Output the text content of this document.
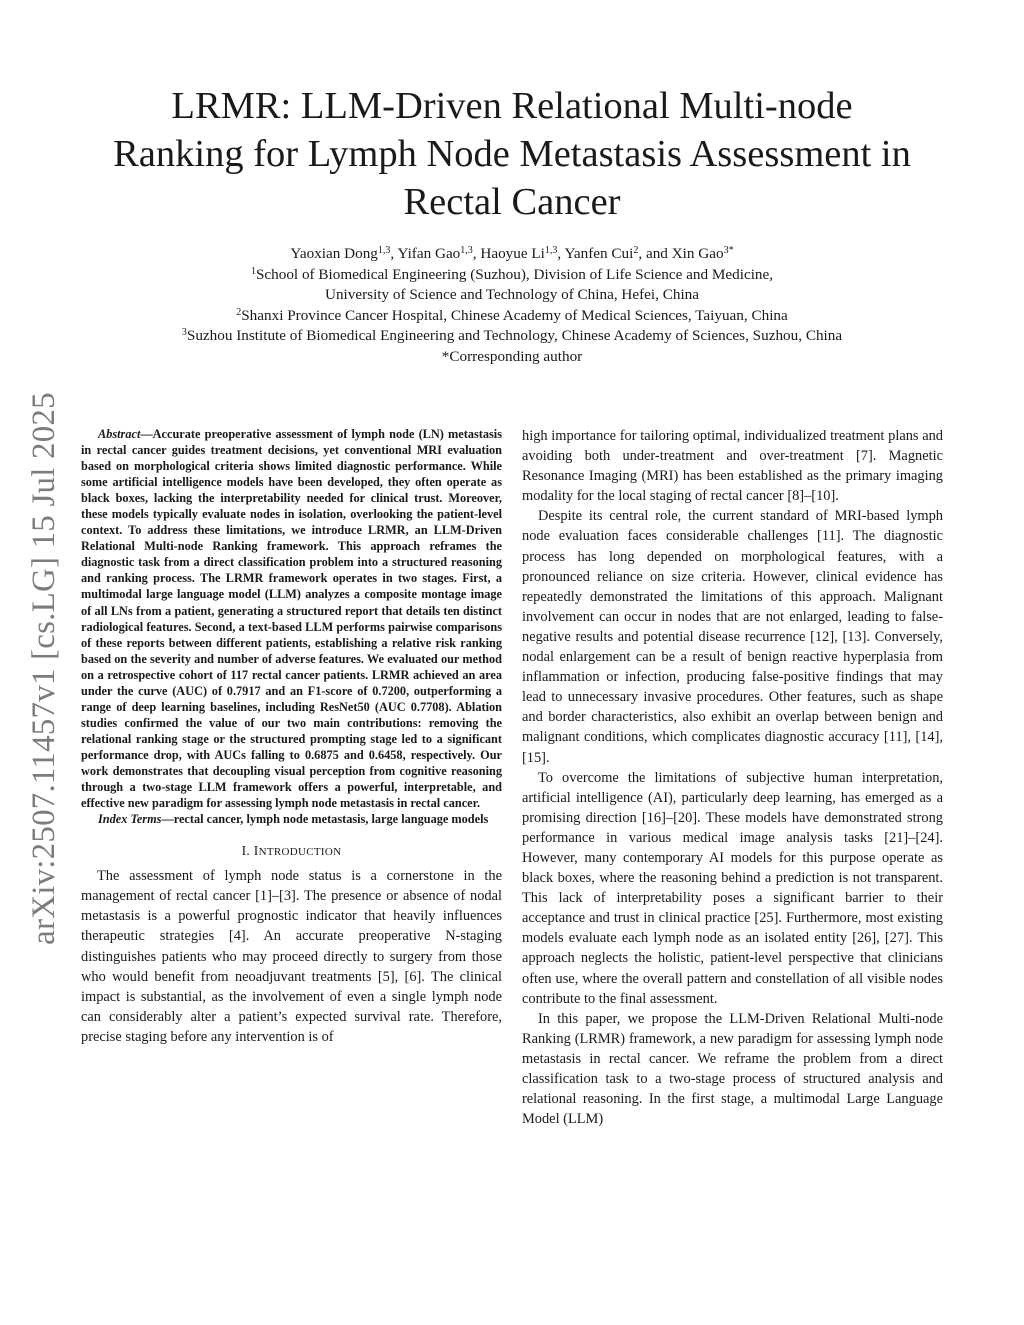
arXiv:2507.11457v1 [cs.LG] 15 Jul 2025
LRMR: LLM-Driven Relational Multi-node
Ranking for Lymph Node Metastasis Assessment in
Rectal Cancer
Yaoxian Dong$^{1,3}$, Yifan Gao$^{1,3}$, Haoyue Li$^{1,3}$, Yanfen Cui$^2$, and Xin Gao$^{3*}$
$^1$School of Biomedical Engineering (Suzhou), Division of Life Science and Medicine,
University of Science and Technology of China, Hefei, China
$^2$Shanxi Province Cancer Hospital, Chinese Academy of Medical Sciences, Taiyuan, China
$^3$Suzhou Institute of Biomedical Engineering and Technology, Chinese Academy of Sciences, Suzhou, China
*Corresponding author

Abstract—Accurate preoperative assessment of lymph node (LN) metastasis in rectal cancer guides treatment decisions, yet conventional MRI evaluation based on morphological criteria shows limited diagnostic performance. While some artificial intelligence models have been developed, they often operate as black boxes, lacking the interpretability needed for clinical trust. Moreover, these models typically evaluate nodes in isolation, overlooking the patient-level context. To address these limitations, we introduce LRMR, an LLM-Driven Relational Multi-node Ranking framework. This approach reframes the diagnostic task from a direct classification problem into a structured reasoning and ranking process. The LRMR framework operates in two stages. First, a multimodal large language model (LLM) analyzes a composite montage image of all LNs from a patient, generating a structured report that details ten distinct radiological features. Second, a text-based LLM performs pairwise comparisons of these reports between different patients, establishing a relative risk ranking based on the severity and number of adverse features. We evaluated our method on a retrospective cohort of 117 rectal cancer patients. LRMR achieved an area under the curve (AUC) of 0.7917 and an F1-score of 0.7200, outperforming a range of deep learning baselines, including ResNet50 (AUC 0.7708). Ablation studies confirmed the value of our two main contributions: removing the relational ranking stage or the structured prompting stage led to a significant performance drop, with AUCs falling to 0.6875 and 0.6458, respectively. Our work demonstrates that decoupling visual perception from cognitive reasoning through a two-stage LLM framework offers a powerful, interpretable, and effective new paradigm for assessing lymph node metastasis in rectal cancer.

Index Terms—rectal cancer, lymph node metastasis, large language models

I. INTRODUCTION

The assessment of lymph node status is a cornerstone in the management of rectal cancer [1]–[3]. The presence or absence of nodal metastasis is a powerful prognostic indicator that heavily influences therapeutic strategies [4]. An accurate preoperative N-staging distinguishes patients who may proceed directly to surgery from those who would benefit from neoadjuvant treatments [5], [6]. The clinical impact is substantial, as the involvement of even a single lymph node can considerably alter a patient’s expected survival rate. Therefore, precise staging before any intervention is of

high importance for tailoring optimal, individualized treatment plans and avoiding both under-treatment and over-treatment [7]. Magnetic Resonance Imaging (MRI) has been established as the primary imaging modality for the local staging of rectal cancer [8]–[10].

Despite its central role, the current standard of MRI-based lymph node evaluation faces considerable challenges [11]. The diagnostic process has long depended on morphological features, with a pronounced reliance on size criteria. However, clinical evidence has repeatedly demonstrated the limitations of this approach. Malignant involvement can occur in nodes that are not enlarged, leading to false-negative results and potential disease recurrence [12], [13]. Conversely, nodal enlargement can be a result of benign reactive hyperplasia from inflammation or infection, producing false-positive findings that may lead to unnecessary invasive procedures. Other features, such as shape and border characteristics, also exhibit an overlap between benign and malignant conditions, which complicates diagnostic accuracy [11], [14], [15].

To overcome the limitations of subjective human interpretation, artificial intelligence (AI), particularly deep learning, has emerged as a promising direction [16]–[20]. These models have demonstrated strong performance in various medical image analysis tasks [21]–[24]. However, many contemporary AI models for this purpose operate as black boxes, where the reasoning behind a prediction is not transparent. This lack of interpretability poses a significant barrier to their acceptance and trust in clinical practice [25]. Furthermore, most existing models evaluate each lymph node as an isolated entity [26], [27]. This approach neglects the holistic, patient-level perspective that clinicians often use, where the overall pattern and constellation of all visible nodes contribute to the final assessment.

In this paper, we propose the LLM-Driven Relational Multi-node Ranking (LRMR) framework, a new paradigm for assessing lymph node metastasis in rectal cancer. We reframe the problem from a direct classification task to a two-stage process of structured analysis and relational reasoning. In the first stage, a multimodal Large Language Model (LLM)
